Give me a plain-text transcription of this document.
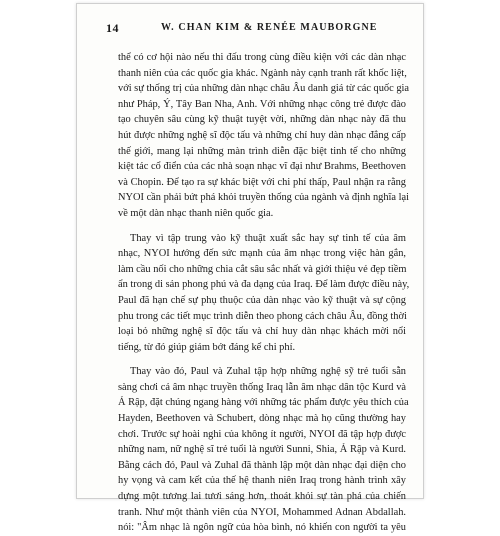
14	W. CHAN KIM & RENÉE MAUBORGNE

thể có cơ hội nào nếu thi đấu trong cùng điều kiện với các dàn nhạc
thanh niên của các quốc gia khác. Ngành này cạnh tranh rất khốc liệt,
với sự thống trị của những dàn nhạc châu Âu danh giá từ các quốc gia
như Pháp, Ý, Tây Ban Nha, Anh. Với những nhạc công trẻ được đào
tạo chuyên sâu cùng kỹ thuật tuyệt vời, những dàn nhạc này đã thu
hút được những nghệ sĩ độc tấu và những chỉ huy dàn nhạc đẳng cấp
thế giới, mang lại những màn trình diễn đặc biệt tinh tế cho những
kiệt tác cổ điển của các nhà soạn nhạc vĩ đại như Brahms, Beethoven
và Chopin. Để tạo ra sự khác biệt với chi phí thấp, Paul nhận ra rằng
NYOI cần phải bứt phá khỏi truyền thống của ngành và định nghĩa lại
về một dàn nhạc thanh niên quốc gia.

Thay vì tập trung vào kỹ thuật xuất sắc hay sự tinh tế của âm
nhạc, NYOI hướng đến sức mạnh của âm nhạc trong việc hàn gắn,
làm cầu nối cho những chia cắt sâu sắc nhất và giới thiệu vẻ đẹp tiềm
ẩn trong di sản phong phú và đa dạng của Iraq. Để làm được điều này,
Paul đã hạn chế sự phụ thuộc của dàn nhạc vào kỹ thuật và sự cộng
phu trong các tiết mục trình diễn theo phong cách châu Âu, đồng thời
loại bỏ những nghệ sĩ độc tấu và chỉ huy dàn nhạc khách mời nổi
tiếng, từ đó giúp giảm bớt đáng kể chi phí.

Thay vào đó, Paul và Zuhal tập hợp những nghệ sỹ trẻ tuổi sẵn
sàng chơi cả âm nhạc truyền thống Iraq lẫn âm nhạc dân tộc Kurd và
Ả Rập, đặt chúng ngang hàng với những tác phẩm được yêu thích của
Hayden, Beethoven và Schubert, dòng nhạc mà họ cũng thường hay
chơi. Trước sự hoài nghi của không ít người, NYOI đã tập hợp được
những nam, nữ nghệ sĩ trẻ tuổi là người Sunni, Shia, Ả Rập và Kurd.
Bằng cách đó, Paul và Zuhal đã thành lập một dàn nhạc đại diện cho
hy vọng và cam kết của thế hệ thanh niên Iraq trong hành trình xây
dựng một tương lai tươi sáng hơn, thoát khỏi sự tàn phá của chiến
tranh. Như một thành viên của NYOI, Mohammed Adnan Abdallah.
nói: "Âm nhạc là ngôn ngữ của hòa bình, nó khiến con người ta yêu
